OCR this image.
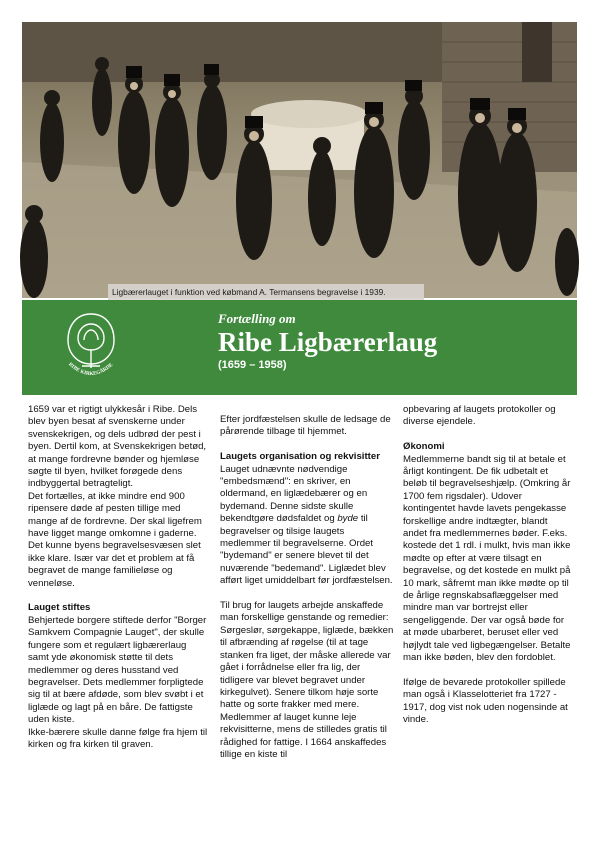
Ligbærerlauget i funktion ved købmand A. Termansens begravelse i 1939.
RIBE KIRKEGÅRDE
Fortælling om
Ribe Ligbærerlaug
(1659 – 1958)

1659 var et rigtigt ulykkesår i Ribe. Dels blev byen besat af svenskerne under svenskekrigen, og dels udbrød der pest i byen. Dertil kom, at Svenskekrigen betød, at mange fordrevne bønder og hjemløse søgte til byen, hvilket forøgede dens indbyggertal betragteligt.

Det fortælles, at ikke mindre end 900 ripensere døde af pesten tillige med mange af de fordrevne. Der skal ligefrem have ligget mange omkomne i gaderne. Det kunne byens begravelsesvæsen slet ikke klare. Især var det et problem at få begravet de mange familieløse og venneløse.

Lauget stiftes

Behjertede borgere stiftede derfor "Borger Samkvem Compagnie Lauget", der skulle fungere som et regulært ligbærerlaug samt yde økonomisk støtte til dets medlemmer og deres husstand ved begravelser. Dets medlemmer forpligtede sig til at bære afdøde, som blev svøbt i et liglæde og lagt på en båre. De fattigste uden kiste.

Ikke-bærere skulle danne følge fra hjem til kirken og fra kirken til graven.

Efter jordfæstelsen skulle de ledsage de pårørende tilbage til hjemmet.

Laugets organisation og rekvisitter

Lauget udnævnte nødvendige "embedsmænd": en skriver, en oldermand, en liglædebærer og en bydemand. Denne sidste skulle bekendtgøre dødsfaldet og byde til begravelser og tilsige laugets medlemmer til begravelserne. Ordet "bydemand" er senere blevet til det nuværende "bedemand". Liglædet blev afført liget umiddelbart før jordfæstelsen.

Til brug for laugets arbejde anskaffede man forskellige genstande og remedier: Sørgeslør, sørgekappe, liglæde, bækken til afbrænding af røgelse (til at tage stanken fra liget, der måske allerede var gået i forrådnelse eller fra lig, der tidligere var blevet begravet under kirkegulvet). Senere tilkom høje sorte hatte og sorte frakker med mere. Medlemmer af lauget kunne leje rekvisitterne, mens de stilledes gratis til rådighed for fattige. I 1664 anskaffedes tillige en kiste til

opbevaring af laugets protokoller og diverse ejendele.

Økonomi

Medlemmerne bandt sig til at betale et årligt kontingent. De fik udbetalt et beløb til begravelseshjælp. (Omkring år 1700 fem rigsdaler). Udover kontingentet havde lavets pengekasse forskellige andre indtægter, blandt andet fra medlemmernes bøder. F.eks. kostede det 1 rdl. i mulkt, hvis man ikke mødte op efter at være tilsagt en begravelse, og det kostede en mulkt på 10 mark, såfremt man ikke mødte op til de årlige regnskabsaflæggelser med mindre man var bortrejst eller sengeliggende. Der var også bøde for at møde ubarberet, beruset eller ved højlydt tale ved ligbegængelser. Betalte man ikke bøden, blev den fordoblet.

Ifølge de bevarede protokoller spillede man også i Klasselotteriet fra 1727 - 1917, dog vist nok uden nogensinde at vinde.
